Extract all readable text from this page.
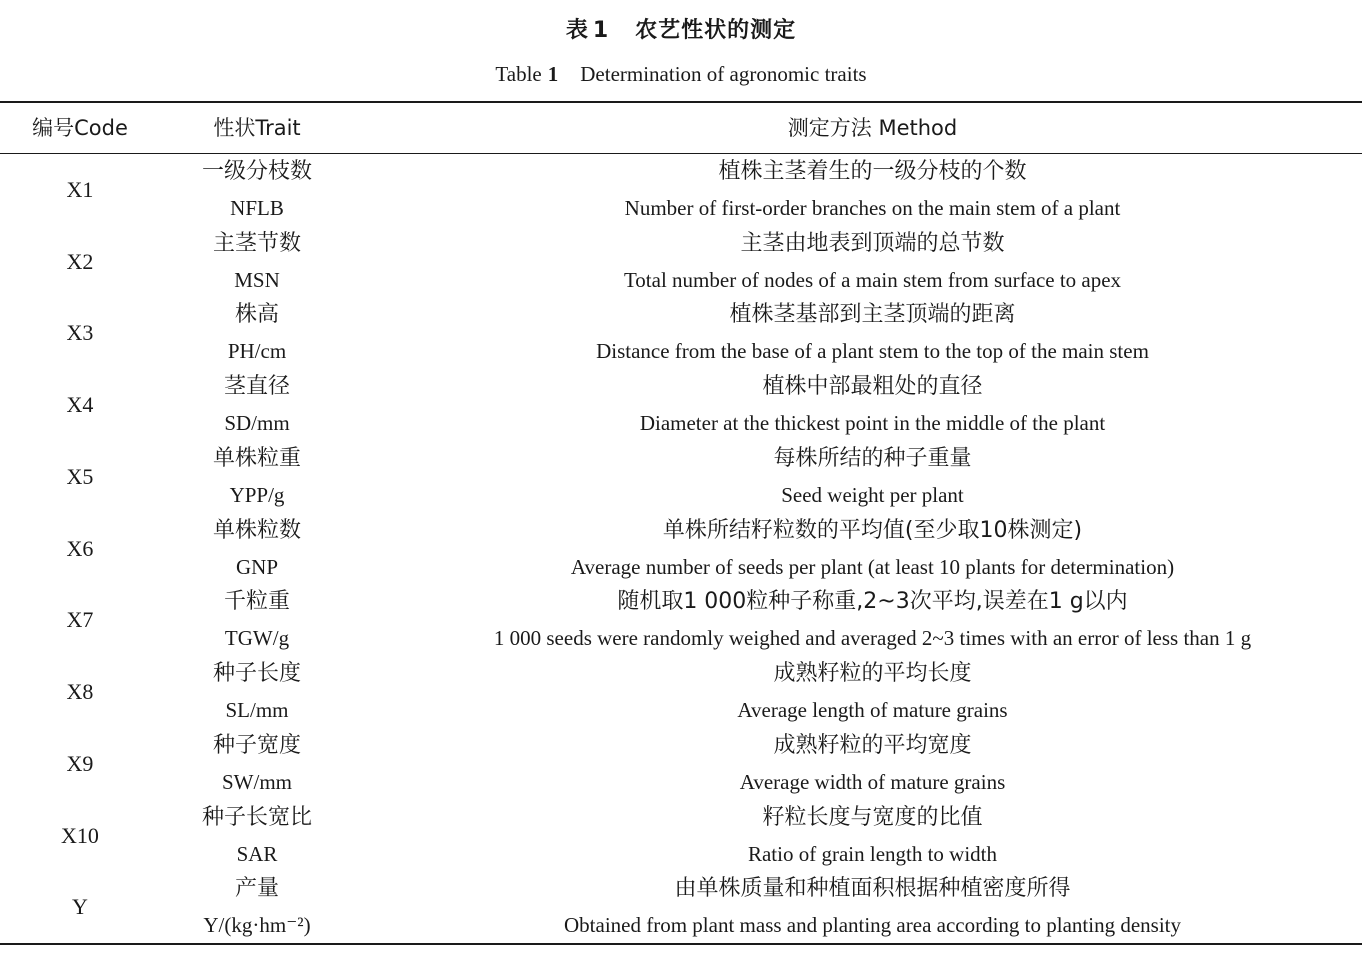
表 1 农艺性状的测定
Table 1 Determination of agronomic traits
编号Code	性状Trait	测定方法 Method
X1
一级分枝数
NFLB
植株主茎着生的一级分枝的个数
Number of first-order branches on the main stem of a plant
X2
主茎节数
MSN
主茎由地表到顶端的总节数
Total number of nodes of a main stem from surface to apex
X3
株高
PH/cm
植株茎基部到主茎顶端的距离
Distance from the base of a plant stem to the top of the main stem
X4
茎直径
SD/mm
植株中部最粗处的直径
Diameter at the thickest point in the middle of the plant
X5
单株粒重
YPP/g
每株所结的种子重量
Seed weight per plant
X6
单株粒数
GNP
单株所结籽粒数的平均值(至少取10株测定)
Average number of seeds per plant (at least 10 plants for determination)
X7
千粒重
TGW/g
随机取1 000粒种子称重,2~3次平均,误差在1 g以内
1 000 seeds were randomly weighed and averaged 2~3 times with an error of less than 1 g
X8
种子长度
SL/mm
成熟籽粒的平均长度
Average length of mature grains
X9
种子宽度
SW/mm
成熟籽粒的平均宽度
Average width of mature grains
X10
种子长宽比
SAR
籽粒长度与宽度的比值
Ratio of grain length to width
Y
产量
Y/(kg·hm⁻²)
由单株质量和种植面积根据种植密度所得
Obtained from plant mass and planting area according to planting density
